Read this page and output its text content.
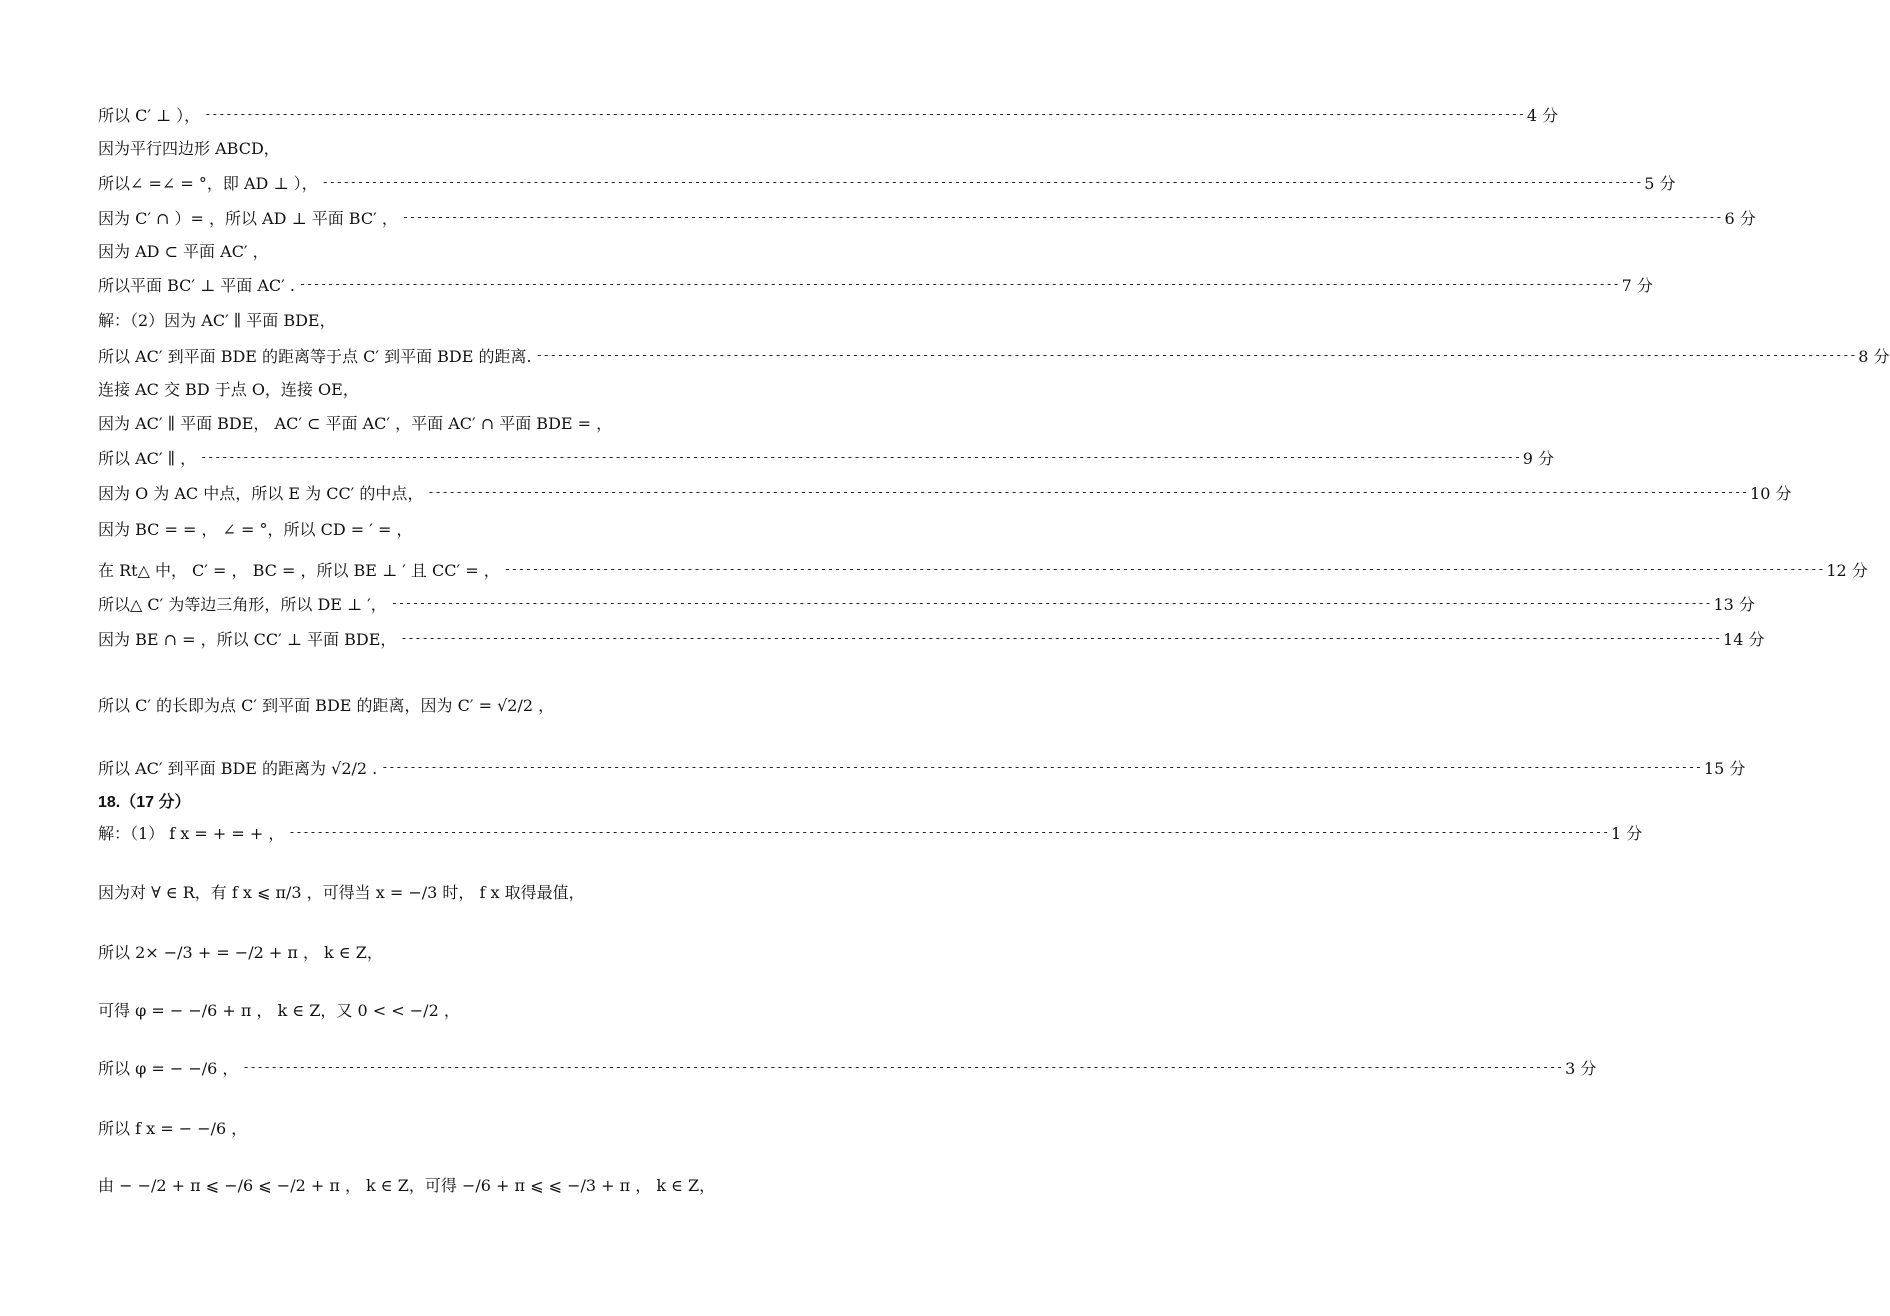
所以 C′ ⊥ ）， -------------------------------------------------------------------------------------------------------------------------------------------------------------------------------------------- 4 分
因为平行四边形 ABCD，
所以∠ =∠ = °，即 AD ⊥ ）， -------------------------------------------------------------------------------------------------------------------------------------------------------------------------------------------- 5 分
因为 C′ ∩ ）= ，所以 AD ⊥ 平面 BC′ ， -------------------------------------------------------------------------------------------------------------------------------------------------------------------------------------------- 6 分
因为 AD ⊂ 平面 AC′ ，
所以平面 BC′ ⊥ 平面 AC′ . -------------------------------------------------------------------------------------------------------------------------------------------------------------------------------------------- 7 分
解：（2）因为 AC′ ∥ 平面 BDE，
所以 AC′ 到平面 BDE 的距离等于点 C′ 到平面 BDE 的距离. -------------------------------------------------------------------------------------------------------------------------------------------------------------------------------------------- 8 分
连接 AC 交 BD 于点 O，连接 OE，
因为 AC′ ∥ 平面 BDE， AC′ ⊂ 平面 AC′ ，平面 AC′ ∩ 平面 BDE = ，
所以 AC′ ∥ ， -------------------------------------------------------------------------------------------------------------------------------------------------------------------------------------------- 9 分
因为 O 为 AC 中点，所以 E 为 CC′ 的中点， -------------------------------------------------------------------------------------------------------------------------------------------------------------------------------------------- 10 分
因为 BC = = ， ∠ = °，所以 CD = ′ = ，
在 Rt△ 中， C′ = ， BC = ，所以 BE ⊥ ′ 且 CC′ = ， -------------------------------------------------------------------------------------------------------------------------------------------------------------------------------------------- 12 分
所以△ C′ 为等边三角形，所以 DE ⊥ ′， -------------------------------------------------------------------------------------------------------------------------------------------------------------------------------------------- 13 分
因为 BE ∩ = ，所以 CC′ ⊥ 平面 BDE， -------------------------------------------------------------------------------------------------------------------------------------------------------------------------------------------- 14 分
所以 C′ 的长即为点 C′ 到平面 BDE 的距离，因为 C′ = √2/2 ，
所以 AC′ 到平面 BDE 的距离为 √2/2 . -------------------------------------------------------------------------------------------------------------------------------------------------------------------------------------------- 15 分
18.（17 分）
解：（1） f x = + = + ， -------------------------------------------------------------------------------------------------------------------------------------------------------------------------------------------- 1 分
因为对 ∀ ∈ R，有 f x ⩽ π/3 ，可得当 x = −/3 时， f x 取得最值，
所以 2× −/3 + = −/2 + π ， k ∈ Z，
可得 φ = − −/6 + π ， k ∈ Z，又 0 < < −/2 ，
所以 φ = − −/6 ， -------------------------------------------------------------------------------------------------------------------------------------------------------------------------------------------- 3 分
所以 f x = − −/6 ，
由 − −/2 + π ⩽ −/6 ⩽ −/2 + π ， k ∈ Z，可得 −/6 + π ⩽ ⩽ −/3 + π ， k ∈ Z，
